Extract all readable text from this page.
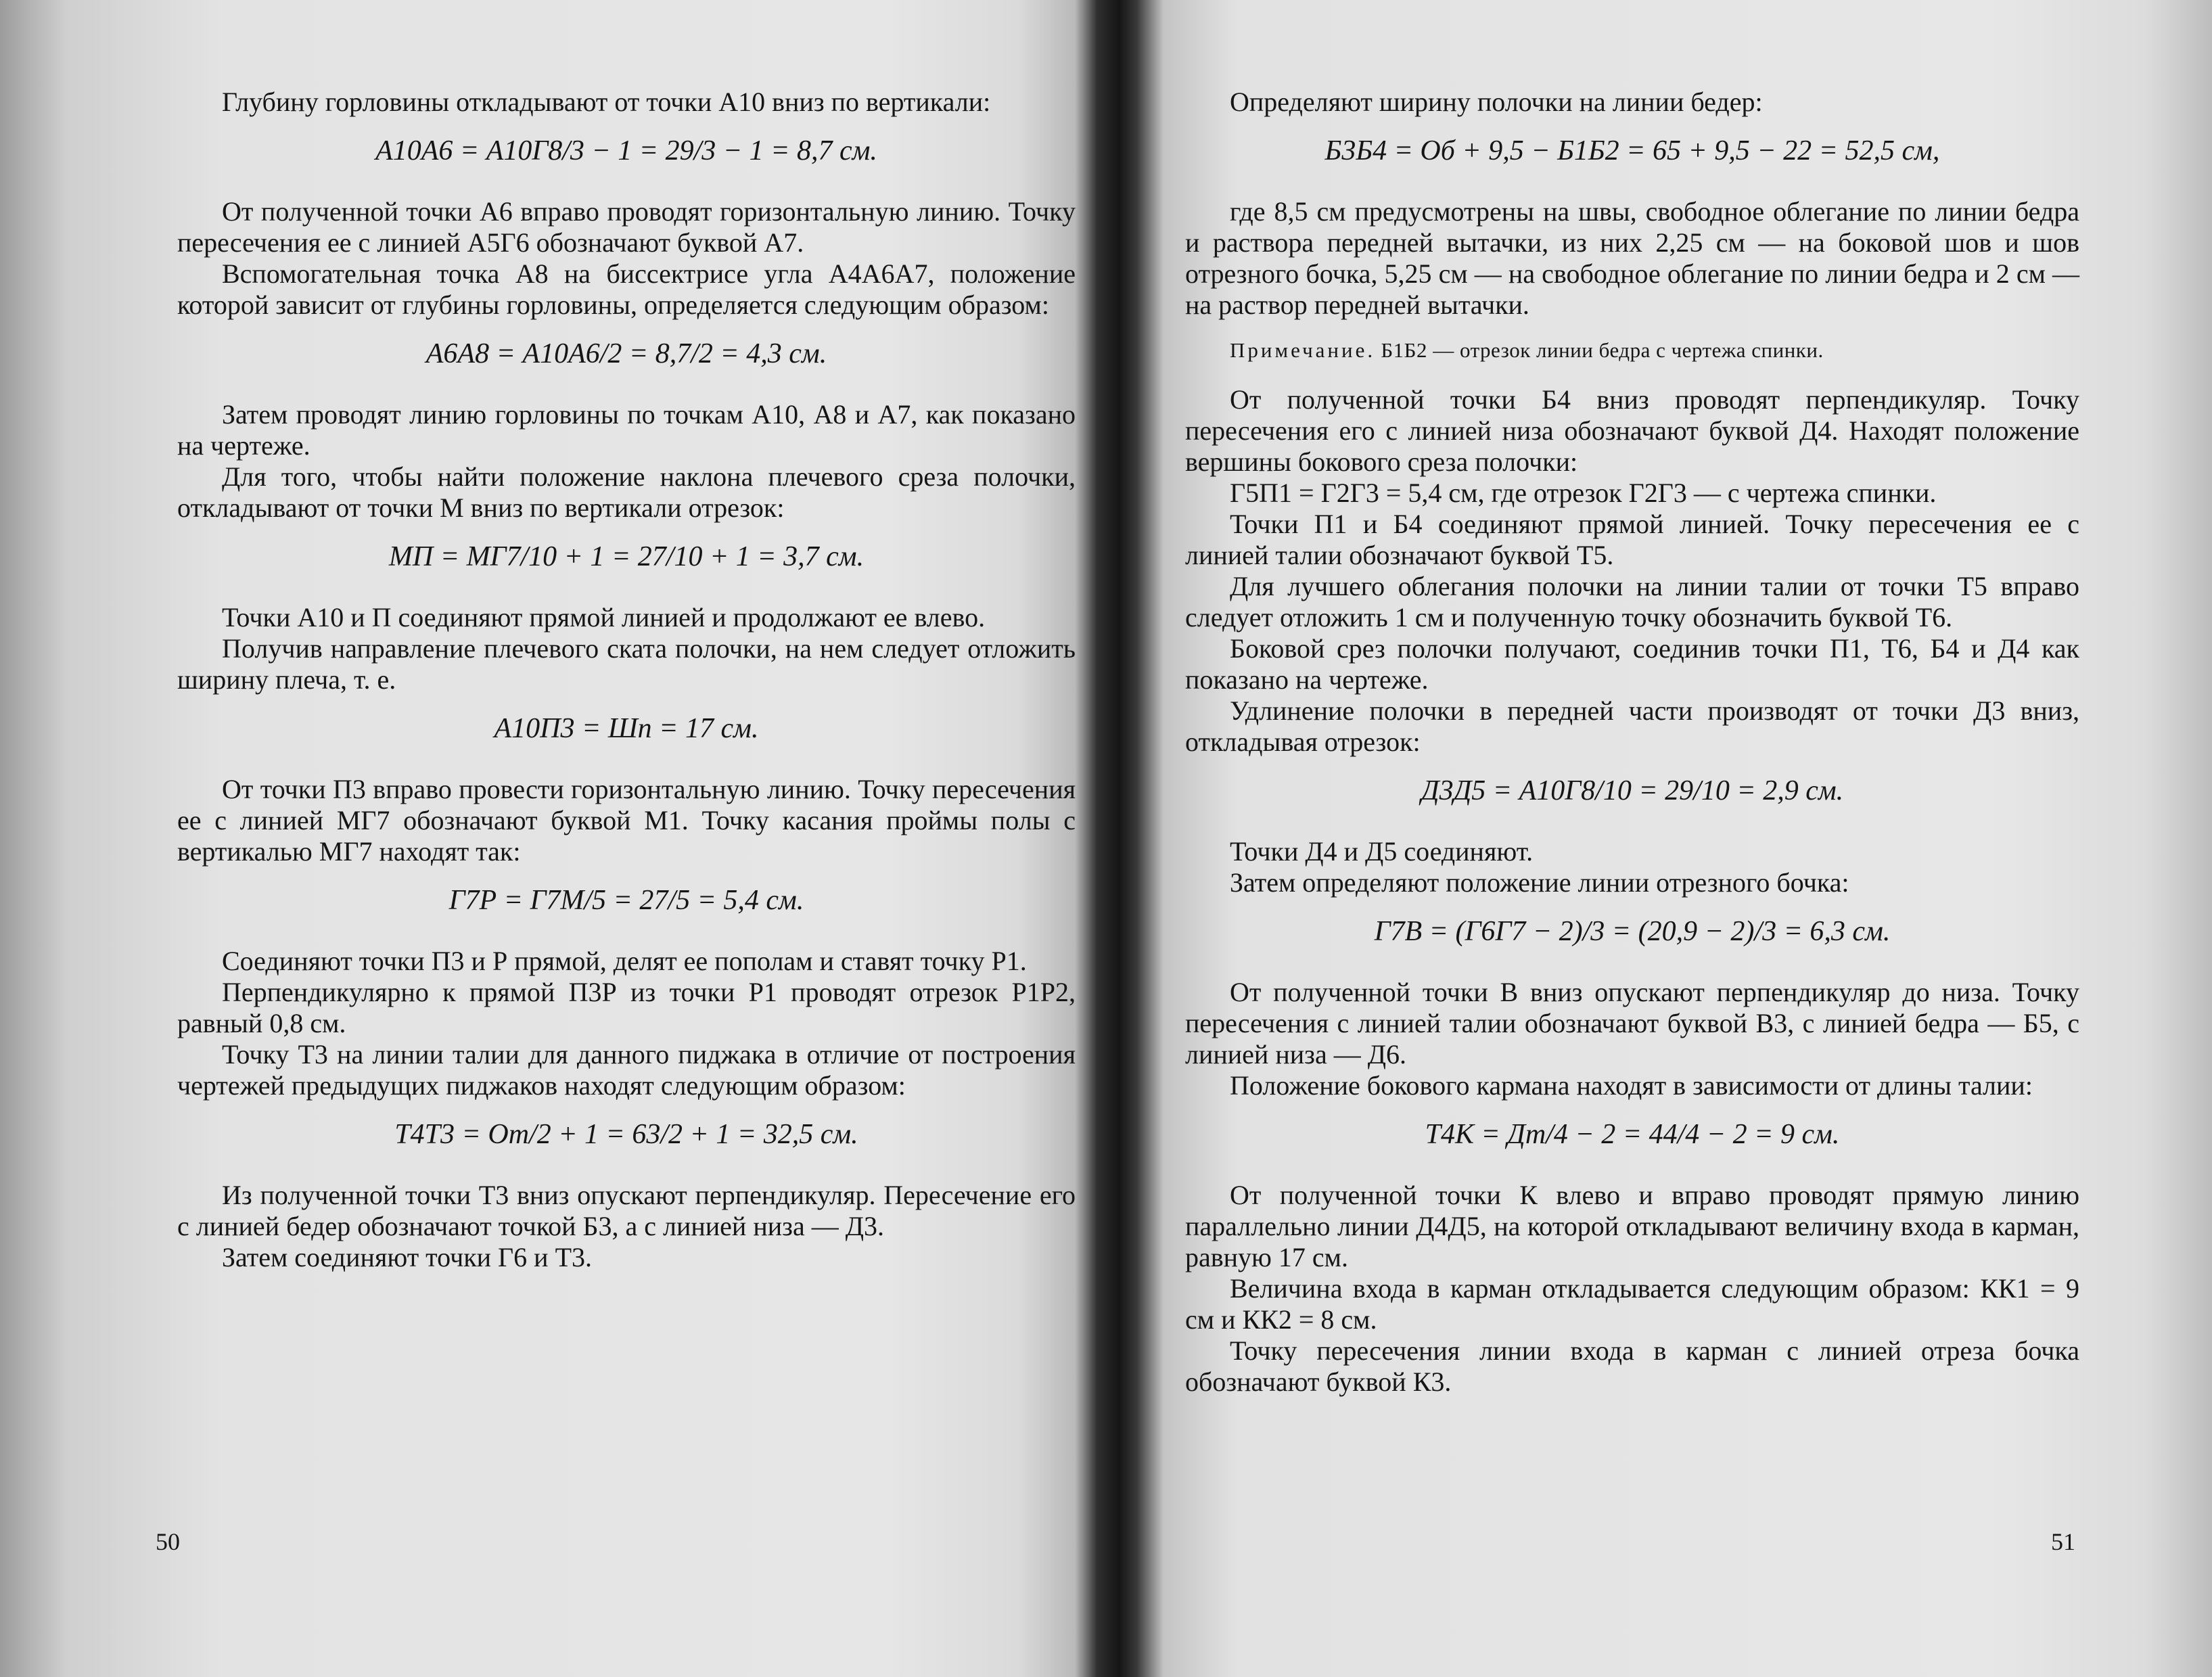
Глубину горловины откладывают от точки А10 вниз по вертикали:

А10А6 = А10Г8/3 − 1 = 29/3 − 1 = 8,7 см.

От полученной точки А6 вправо проводят горизонтальную линию. Точку пересечения ее с линией А5Г6 обозначают буквой А7.

Вспомогательная точка А8 на биссектрисе угла А4А6А7, положение которой зависит от глубины горловины, определяется следующим образом:

А6А8 = А10А6/2 = 8,7/2 = 4,3 см.

Затем проводят линию горловины по точкам А10, А8 и А7, как показано на чертеже.

Для того, чтобы найти положение наклона плечевого среза полочки, откладывают от точки М вниз по вертикали отрезок:

МП = МГ7/10 + 1 = 27/10 + 1 = 3,7 см.

Точки А10 и П соединяют прямой линией и продолжают ее влево.

Получив направление плечевого ската полочки, на нем следует отложить ширину плеча, т. е.

А10П3 = Шп = 17 см.

От точки П3 вправо провести горизонтальную линию. Точку пересечения ее с линией МГ7 обозначают буквой М1. Точку касания проймы полы с вертикалью МГ7 находят так:

Г7Р = Г7М/5 = 27/5 = 5,4 см.

Соединяют точки П3 и Р прямой, делят ее пополам и ставят точку Р1.

Перпендикулярно к прямой П3Р из точки Р1 проводят отрезок Р1Р2, равный 0,8 см.

Точку Т3 на линии талии для данного пиджака в отличие от построения чертежей предыдущих пиджаков находят следующим образом:

Т4Т3 = От/2 + 1 = 63/2 + 1 = 32,5 см.

Из полученной точки Т3 вниз опускают перпендикуляр. Пересечение его с линией бедер обозначают точкой Б3, а с линией низа — Д3.

Затем соединяют точки Г6 и Т3.

Определяют ширину полочки на линии бедер:

Б3Б4 = Об + 9,5 − Б1Б2 = 65 + 9,5 − 22 = 52,5 см,

где 8,5 см предусмотрены на швы, свободное облегание по линии бедра и раствора передней вытачки, из них 2,25 см — на боковой шов и шов отрезного бочка, 5,25 см — на свободное облегание по линии бедра и 2 см — на раствор передней вытачки.

Примечание. Б1Б2 — отрезок линии бедра с чертежа спинки.

От полученной точки Б4 вниз проводят перпендикуляр. Точку пересечения его с линией низа обозначают буквой Д4. Находят положение вершины бокового среза полочки:

Г5П1 = Г2Г3 = 5,4 см, где отрезок Г2Г3 — с чертежа спинки.

Точки П1 и Б4 соединяют прямой линией. Точку пересечения ее с линией талии обозначают буквой Т5.

Для лучшего облегания полочки на линии талии от точки Т5 вправо следует отложить 1 см и полученную точку обозначить буквой Т6.

Боковой срез полочки получают, соединив точки П1, Т6, Б4 и Д4 как показано на чертеже.

Удлинение полочки в передней части производят от точки Д3 вниз, откладывая отрезок:

Д3Д5 = А10Г8/10 = 29/10 = 2,9 см.

Точки Д4 и Д5 соединяют.

Затем определяют положение линии отрезного бочка:

Г7В = (Г6Г7 − 2)/3 = (20,9 − 2)/3 = 6,3 см.

От полученной точки В вниз опускают перпендикуляр до низа. Точку пересечения с линией талии обозначают буквой В3, с линией бедра — Б5, с линией низа — Д6.

Положение бокового кармана находят в зависимости от длины талии:

Т4К = Дт/4 − 2 = 44/4 − 2 = 9 см.

От полученной точки К влево и вправо проводят прямую линию параллельно линии Д4Д5, на которой откладывают величину входа в карман, равную 17 см.

Величина входа в карман откладывается следующим образом: КК1 = 9 см и КК2 = 8 см.

Точку пересечения линии входа в карман с линией отреза бочка обозначают буквой К3.

50	51
